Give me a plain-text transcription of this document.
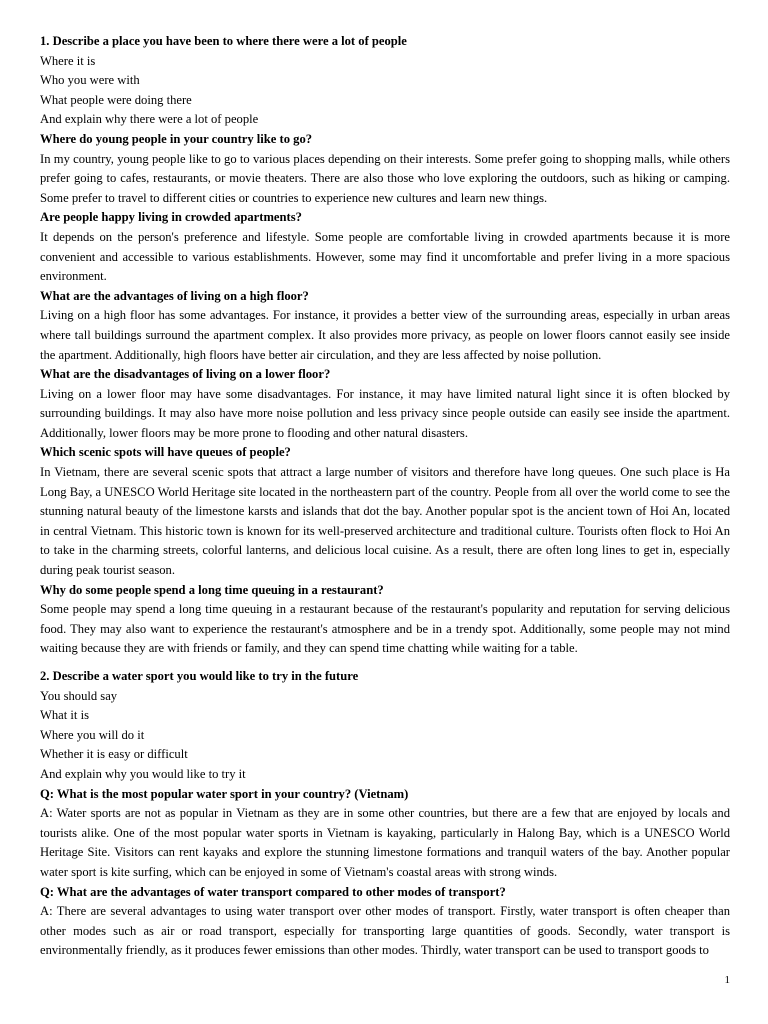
1. Describe a place you have been to where there were a lot of people

Where it is

Who you were with

What people were doing there

And explain why there were a lot of people

Where do young people in your country like to go?

In my country, young people like to go to various places depending on their interests. Some prefer going to shopping malls, while others prefer going to cafes, restaurants, or movie theaters. There are also those who love exploring the outdoors, such as hiking or camping. Some prefer to travel to different cities or countries to experience new cultures and learn new things.

Are people happy living in crowded apartments?

It depends on the person's preference and lifestyle. Some people are comfortable living in crowded apartments because it is more convenient and accessible to various establishments. However, some may find it uncomfortable and prefer living in a more spacious environment.

What are the advantages of living on a high floor?

Living on a high floor has some advantages. For instance, it provides a better view of the surrounding areas, especially in urban areas where tall buildings surround the apartment complex. It also provides more privacy, as people on lower floors cannot easily see inside the apartment. Additionally, high floors have better air circulation, and they are less affected by noise pollution.

What are the disadvantages of living on a lower floor?

Living on a lower floor may have some disadvantages. For instance, it may have limited natural light since it is often blocked by surrounding buildings. It may also have more noise pollution and less privacy since people outside can easily see inside the apartment. Additionally, lower floors may be more prone to flooding and other natural disasters.

Which scenic spots will have queues of people?

In Vietnam, there are several scenic spots that attract a large number of visitors and therefore have long queues. One such place is Ha Long Bay, a UNESCO World Heritage site located in the northeastern part of the country. People from all over the world come to see the stunning natural beauty of the limestone karsts and islands that dot the bay. Another popular spot is the ancient town of Hoi An, located in central Vietnam. This historic town is known for its well-preserved architecture and traditional culture. Tourists often flock to Hoi An to take in the charming streets, colorful lanterns, and delicious local cuisine. As a result, there are often long lines to get in, especially during peak tourist season.

Why do some people spend a long time queuing in a restaurant?

Some people may spend a long time queuing in a restaurant because of the restaurant's popularity and reputation for serving delicious food. They may also want to experience the restaurant's atmosphere and be in a trendy spot. Additionally, some people may not mind waiting because they are with friends or family, and they can spend time chatting while waiting for a table.

2. Describe a water sport you would like to try in the future

You should say

What it is

Where you will do it

Whether it is easy or difficult

And explain why you would like to try it

Q: What is the most popular water sport in your country? (Vietnam)

A: Water sports are not as popular in Vietnam as they are in some other countries, but there are a few that are enjoyed by locals and tourists alike. One of the most popular water sports in Vietnam is kayaking, particularly in Halong Bay, which is a UNESCO World Heritage Site. Visitors can rent kayaks and explore the stunning limestone formations and tranquil waters of the bay. Another popular water sport is kite surfing, which can be enjoyed in some of Vietnam's coastal areas with strong winds.

Q: What are the advantages of water transport compared to other modes of transport?

A: There are several advantages to using water transport over other modes of transport. Firstly, water transport is often cheaper than other modes such as air or road transport, especially for transporting large quantities of goods. Secondly, water transport is environmentally friendly, as it produces fewer emissions than other modes. Thirdly, water transport can be used to transport goods to

1
